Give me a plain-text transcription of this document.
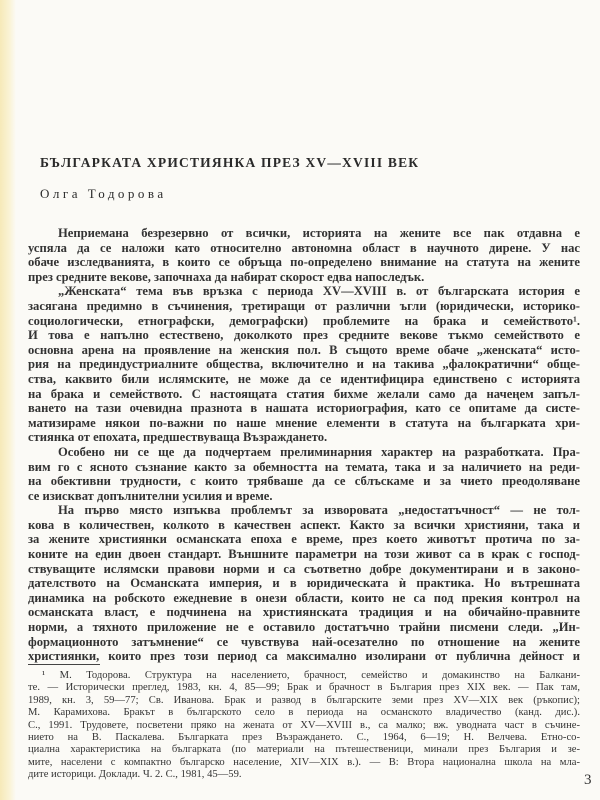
БЪЛГАРКАТА ХРИСТИЯНКА ПРЕЗ XV—XVIII ВЕК
Олга Тодорова

Неприемана безрезервно от всички, историята на жените все пак отдавна е
успяла да се наложи като относително автономна област в научното дирене. У нас
обаче изследванията, в които се обръща по-определено внимание на статута на жените
през средните векове, започнаха да набират скорост едва напоследък.

„Женската“ тема във връзка с периода XV—XVIII в. от българската история е
засягана предимно в съчинения, третиращи от различни ъгли (юридически, историко-
социологически, етнографски, демографски) проблемите на брака и семейството¹.
И това е напълно естествено, доколкото през средните векове тъкмо семейството е
основна арена на проявление на женския пол. В същото време обаче „женската“ исто-
рия на прединдустриалните общества, включително и на такива „фалократични“ обще-
ства, каквито били ислямските, не може да се идентифицира единствено с историята
на брака и семейството. С настоящата статия бихме желали само да начеңем запъл-
ването на тази очевидна празнота в нашата историография, като се опитаме да систе-
матизираме някои по-важни по наше мнение елементи в статута на българката хри-
стиянка от епохата, предшествуваща Възраждането.

Особено ни се ще да подчертаем прелиминарния характер на разработката. Пра-
вим го с ясното съзнание както за обемността на темата, така и за наличието на реди-
на обективни трудности, с които трябваше да се сблъскаме и за чието преодоляване
се изискват допълнителни усилия и време.

На първо място изпъква проблемът за изворовата „недостатъчност“ — не тол-
кова в количествен, колкото в качествен аспект. Както за всички християни, така и
за жените християнки османската епоха е време, през което животът протича по за-
коните на един двоен стандарт. Външните параметри на този живот са в крак с господ-
ствуващите ислямски правови норми и са съответно добре документирани и в законо-
дателството на Османската империя, и в юридическата ѝ практика. Но вътрешната
динамика на робското ежедневие в онези области, които не са под прекия контрол на
османската власт, е подчинена на християнската традиция и на обичайно-правните
норми, а тяхното приложение не е оставило достатъчно трайни писмени следи. „Ин-
формационното затъмнение“ се чувствува най-осезателно по отношение на жените
християнки, които през този период са максимално изолирани от публична дейност и

¹ М. Тодорова. Структура на населението, брачност, семейство и домакинство на Балкани-
те. — Исторически преглед, 1983, кн. 4, 85—99; Брак и брачност в България през XIX век. — Пак там,
1989, кн. 3, 59—77; Св. Иванова. Брак и развод в българските земи през XV—XIX век (ръкопис);
М. Карамихова. Бракът в българското село в периода на османското владичество (канд. дис.).
С., 1991. Трудовете, посветени пряко на жената от XV—XVIII в., са малко; вж. уводната част в съчине-
нието на В. Паскалева. Българката през Възраждането. С., 1964, 6—19; Н. Велчева. Етно-со-
циална характеристика на българката (по материали на пътешественици, минали през България и зе-
мите, населени с компактно българско население, XIV—XIX в.). — В: Втора национална школа на мла-
дите историци. Доклади. Ч. 2. С., 1981, 45—59.	3
